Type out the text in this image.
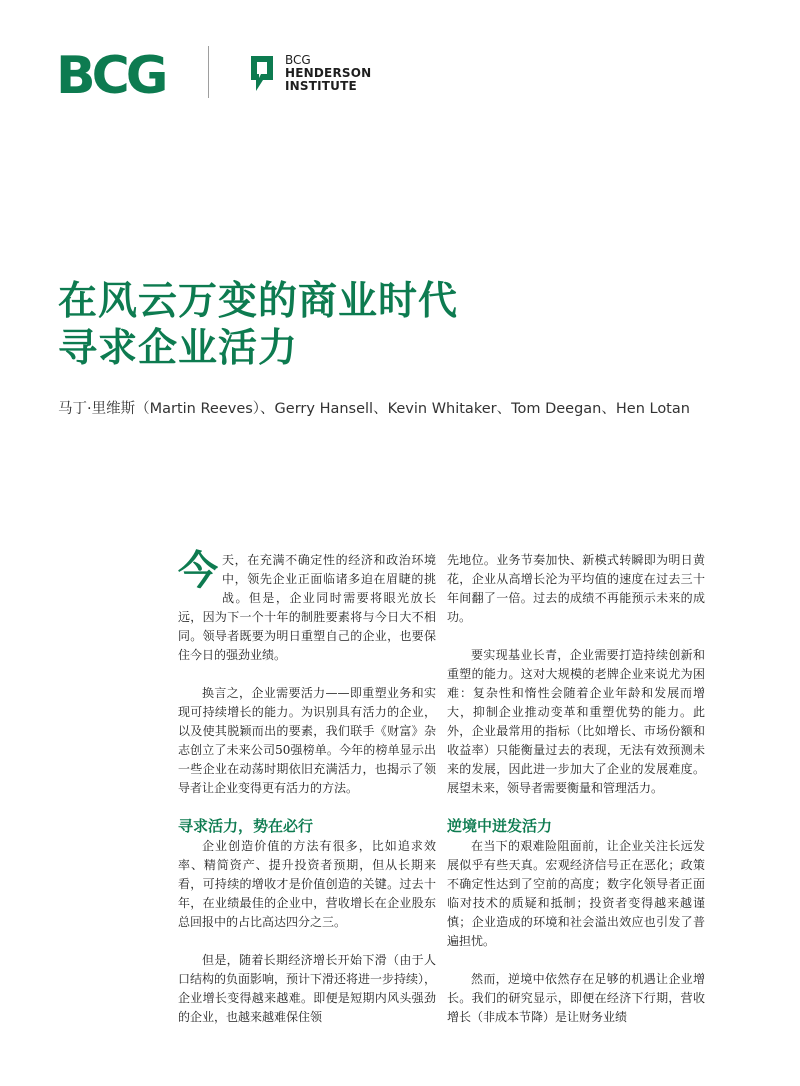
BCG	BCG
HENDERSON
INSTITUTE
在风云万变的商业时代
寻求企业活力
马丁·里维斯（Martin Reeves）、Gerry Hansell、Kevin Whitaker、Tom Deegan、Hen Lotan

今天，在充满不确定性的经济和政治环境中，领先企业正面临诸多迫在眉睫的挑战。但是，企业同时需要将眼光放长远，因为下一个十年的制胜要素将与今日大不相同。领导者既要为明日重塑自己的企业，也要保住今日的强劲业绩。

换言之，企业需要活力——即重塑业务和实现可持续增长的能力。为识别具有活力的企业，以及使其脱颖而出的要素，我们联手《财富》杂志创立了未来公司50强榜单。今年的榜单显示出一些企业在动荡时期依旧充满活力，也揭示了领导者让企业变得更有活力的方法。

寻求活力，势在必行

企业创造价值的方法有很多，比如追求效率、精简资产、提升投资者预期，但从长期来看，可持续的增收才是价值创造的关键。过去十年，在业绩最佳的企业中，营收增长在企业股东总回报中的占比高达四分之三。

但是，随着长期经济增长开始下滑（由于人口结构的负面影响，预计下滑还将进一步持续），企业增长变得越来越难。即便是短期内风头强劲的企业，也越来越难保住领

先地位。业务节奏加快、新模式转瞬即为明日黄花，企业从高增长沦为平均值的速度在过去三十年间翻了一倍。过去的成绩不再能预示未来的成功。

要实现基业长青，企业需要打造持续创新和重塑的能力。这对大规模的老牌企业来说尤为困难：复杂性和惰性会随着企业年龄和发展而增大，抑制企业推动变革和重塑优势的能力。此外，企业最常用的指标（比如增长、市场份额和收益率）只能衡量过去的表现，无法有效预测未来的发展，因此进一步加大了企业的发展难度。展望未来，领导者需要衡量和管理活力。

逆境中迸发活力

在当下的艰难险阻面前，让企业关注长远发展似乎有些天真。宏观经济信号正在恶化；政策不确定性达到了空前的高度；数字化领导者正面临对技术的质疑和抵制；投资者变得越来越谨慎；企业造成的环境和社会溢出效应也引发了普遍担忧。

然而，逆境中依然存在足够的机遇让企业增长。我们的研究显示，即便在经济下行期，营收增长（非成本节降）是让财务业绩
